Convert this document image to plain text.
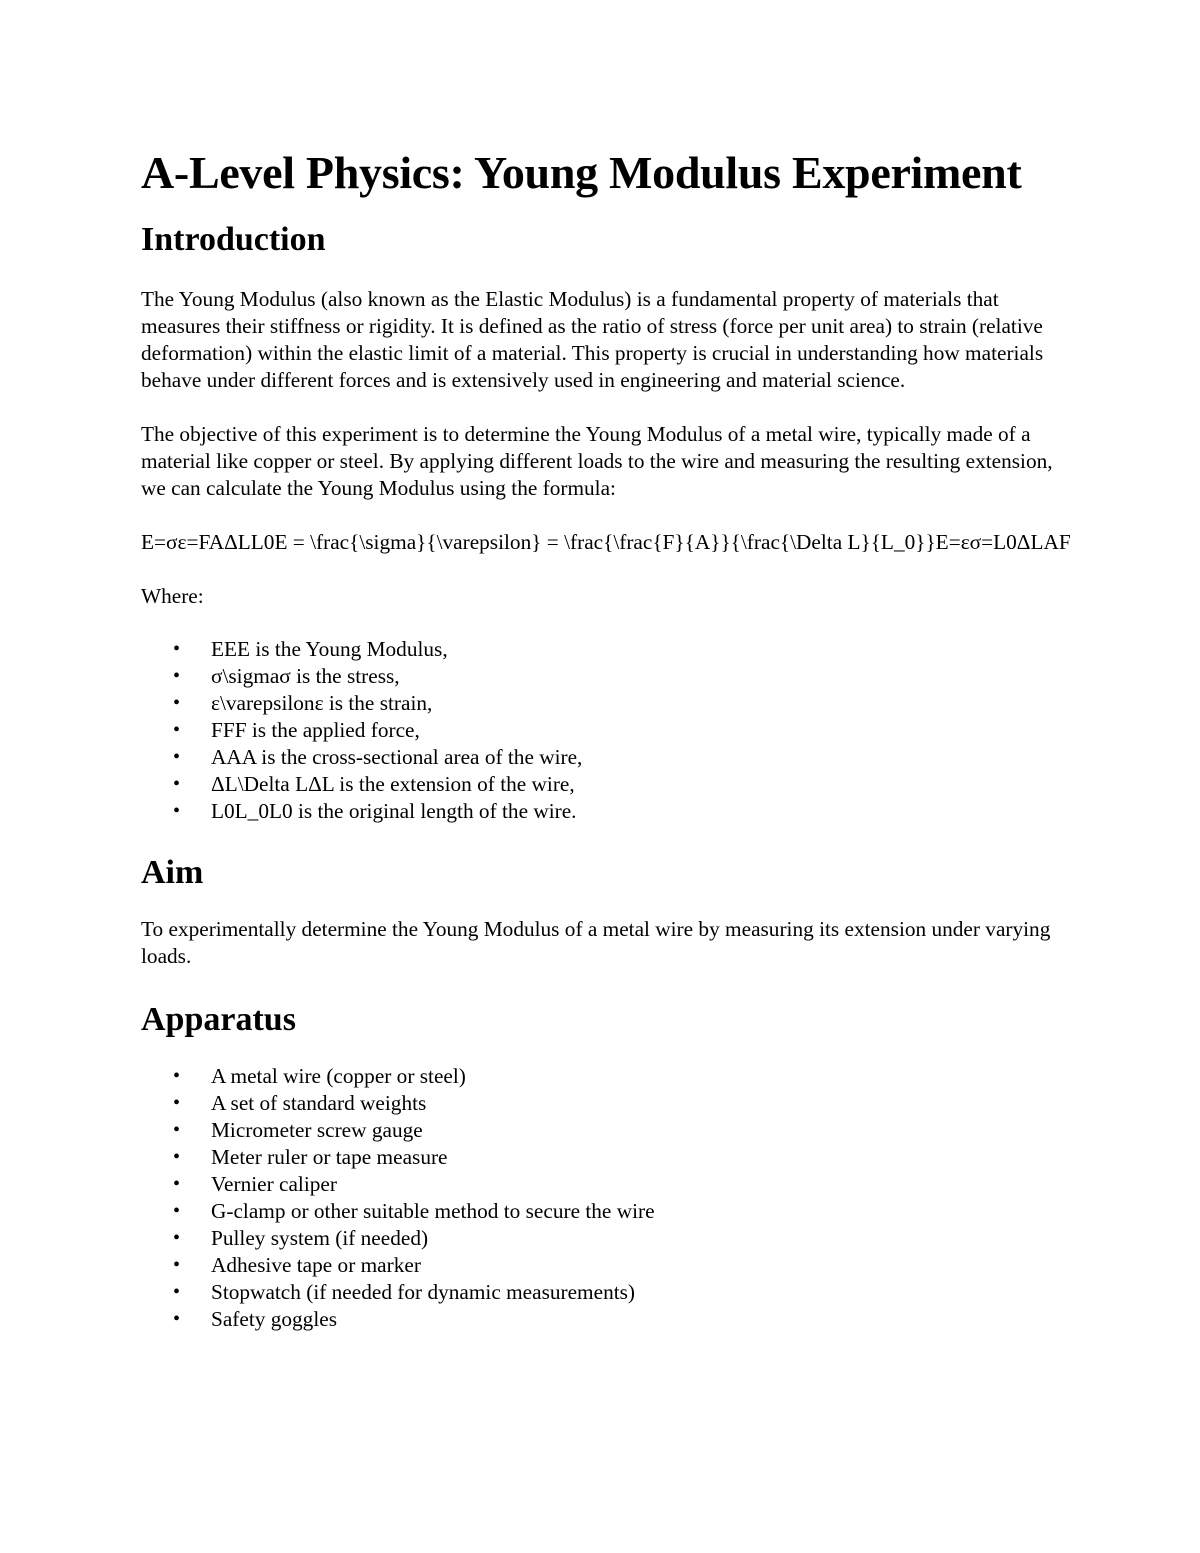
A-Level Physics: Young Modulus Experiment
Introduction

The Young Modulus (also known as the Elastic Modulus) is a fundamental property of materials that measures their stiffness or rigidity. It is defined as the ratio of stress (force per unit area) to strain (relative deformation) within the elastic limit of a material. This property is crucial in understanding how materials behave under different forces and is extensively used in engineering and material science.

The objective of this experiment is to determine the Young Modulus of a metal wire, typically made of a material like copper or steel. By applying different loads to the wire and measuring the resulting extension, we can calculate the Young Modulus using the formula:

E=σε=FAΔLL0E = \frac{\sigma}{\varepsilon} = \frac{\frac{F}{A}}{\frac{\Delta L}{L_0}}E=εσ=L0ΔLAF

Where:

• EEE is the Young Modulus,
• σ\sigmaσ is the stress,
• ε\varepsilonε is the strain,
• FFF is the applied force,
• AAA is the cross-sectional area of the wire,
• ΔL\Delta LΔL is the extension of the wire,
• L0L_0L0 is the original length of the wire.
Aim

To experimentally determine the Young Modulus of a metal wire by measuring its extension under varying loads.

Apparatus
• A metal wire (copper or steel)
• A set of standard weights
• Micrometer screw gauge
• Meter ruler or tape measure
• Vernier caliper
• G-clamp or other suitable method to secure the wire
• Pulley system (if needed)
• Adhesive tape or marker
• Stopwatch (if needed for dynamic measurements)
• Safety goggles
